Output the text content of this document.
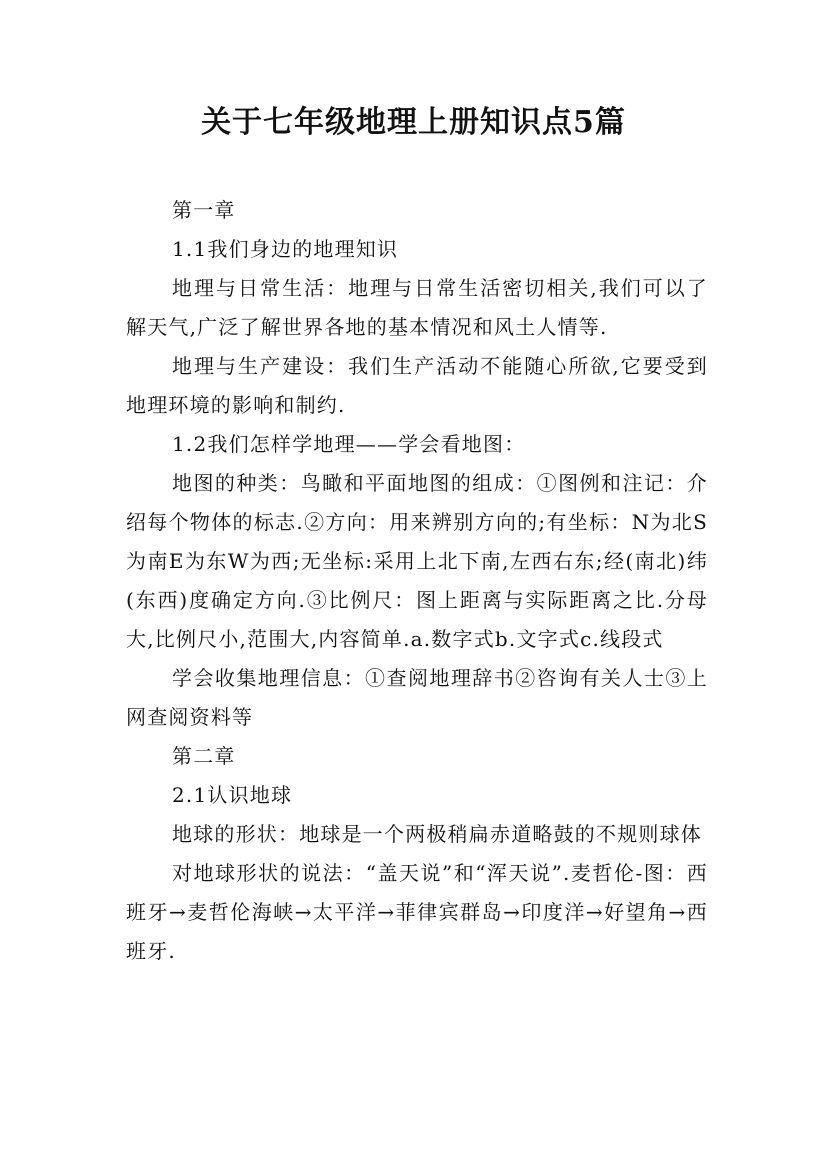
关于七年级地理上册知识点5篇

第一章

1.1我们身边的地理知识

地理与日常生活：地理与日常生活密切相关,我们可以了解天气,广泛了解世界各地的基本情况和风土人情等.

地理与生产建设：我们生产活动不能随心所欲,它要受到地理环境的影响和制约.

1.2我们怎样学地理——学会看地图：

地图的种类：鸟瞰和平面地图的组成：①图例和注记：介绍每个物体的标志.②方向：用来辨别方向的;有坐标：N为北S为南E为东W为西;无坐标:采用上北下南,左西右东;经(南北)纬(东西)度确定方向.③比例尺：图上距离与实际距离之比.分母大,比例尺小,范围大,内容简单.a.数字式b.文字式c.线段式

学会收集地理信息：①查阅地理辞书②咨询有关人士③上网查阅资料等

第二章

2.1认识地球

地球的形状：地球是一个两极稍扁赤道略鼓的不规则球体

对地球形状的说法：“盖天说”和“浑天说”.麦哲伦-图：西班牙→麦哲伦海峡→太平洋→菲律宾群岛→印度洋→好望角→西班牙.
